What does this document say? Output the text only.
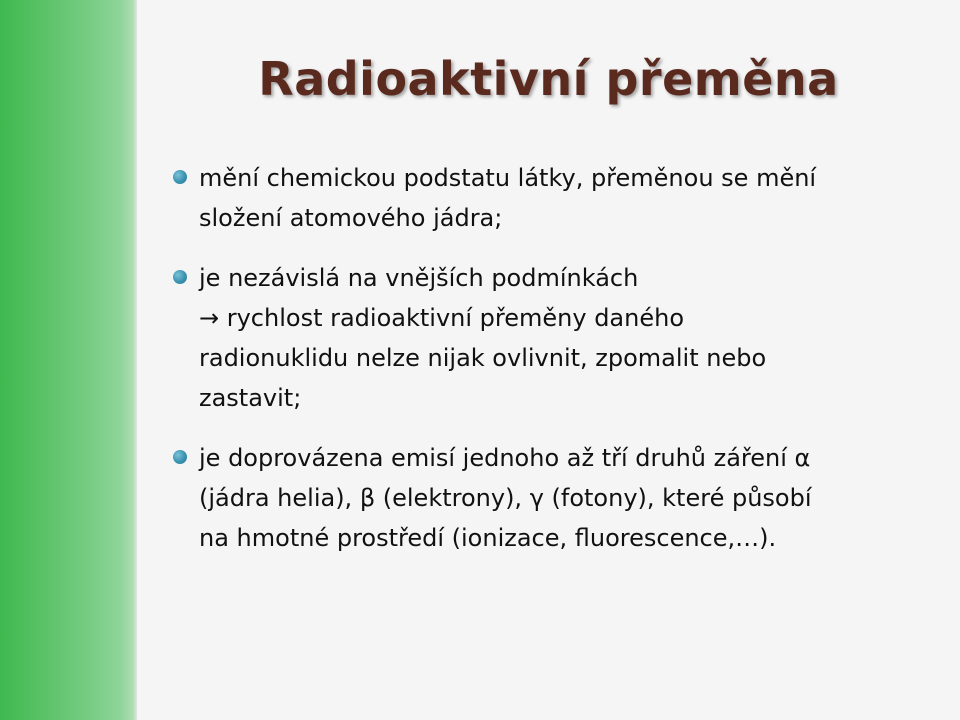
Radioaktivní přeměna
mění chemickou podstatu látky, přeměnou se mění
složení atomového jádra;
je nezávislá na vnějších podmínkách
→ rychlost radioaktivní přeměny daného
radionuklidu nelze nijak ovlivnit, zpomalit nebo
zastavit;
je doprovázena emisí jednoho až tří druhů záření α
(jádra helia), β (elektrony), γ (fotony), které působí
na hmotné prostředí (ionizace, fluorescence,…).
